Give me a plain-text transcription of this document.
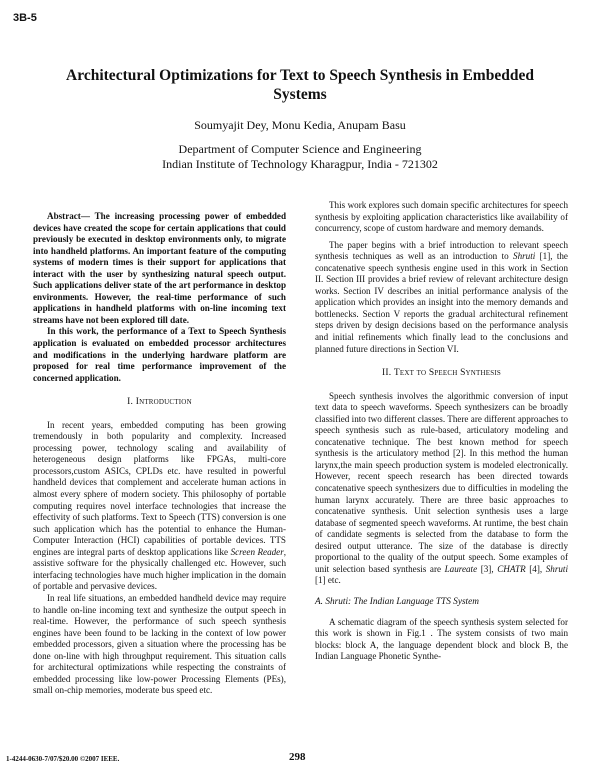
3B-5
Architectural Optimizations for Text to Speech Synthesis in Embedded Systems
Soumyajit Dey, Monu Kedia, Anupam Basu
Department of Computer Science and Engineering
Indian Institute of Technology Kharagpur, India - 721302

Abstract— The increasing processing power of embedded devices have created the scope for certain applications that could previously be executed in desktop environments only, to migrate into handheld platforms. An important feature of the computing systems of modern times is their support for applications that interact with the user by synthesizing natural speech output. Such applications deliver state of the art performance in desktop environments. However, the real-time performance of such applications in handheld platforms with on-line incoming text streams have not been explored till date.

In this work, the performance of a Text to Speech Synthesis application is evaluated on embedded processor architectures and modifications in the underlying hardware platform are proposed for real time performance improvement of the concerned application.

I. Introduction

In recent years, embedded computing has been growing tremendously in both popularity and complexity. Increased processing power, technology scaling and availability of heterogeneous design platforms like FPGAs, multi-core processors,custom ASICs, CPLDs etc. have resulted in powerful handheld devices that complement and accelerate human actions in almost every sphere of modern society. This philosophy of portable computing requires novel interface technologies that increase the effectivity of such platforms. Text to Speech (TTS) conversion is one such application which has the potential to enhance the Human-Computer Interaction (HCI) capabilities of portable devices. TTS engines are integral parts of desktop applications like Screen Reader, assistive software for the physically challenged etc. However, such interfacing technologies have much higher implication in the domain of portable and pervasive devices.

In real life situations, an embedded handheld device may require to handle on-line incoming text and synthesize the output speech in real-time. However, the performance of such speech synthesis engines have been found to be lacking in the context of low power embedded processors, given a situation where the processing has be done on-line with high throughput requirement. This situation calls for architectural optimizations while respecting the constraints of embedded processing like low-power Processing Elements (PEs), small on-chip memories, moderate bus speed etc.

This work explores such domain specific architectures for speech synthesis by exploiting application characteristics like availability of concurrency, scope of custom hardware and memory demands.

The paper begins with a brief introduction to relevant speech synthesis techniques as well as an introduction to Shruti [1], the concatenative speech synthesis engine used in this work in Section II. Section III provides a brief review of relevant architecture design works. Section IV describes an initial performance analysis of the application which provides an insight into the memory demands and bottlenecks. Section V reports the gradual architectural refinement steps driven by design decisions based on the performance analysis and initial refinements which finally lead to the conclusions and planned future directions in Section VI.

II. Text to Speech Synthesis

Speech synthesis involves the algorithmic conversion of input text data to speech waveforms. Speech synthesizers can be broadly classified into two different classes. There are different approaches to speech synthesis such as rule-based, articulatory modeling and concatenative technique. The best known method for speech synthesis is the articulatory method [2]. In this method the human larynx,the main speech production system is modeled electronically. However, recent speech research has been directed towards concatenative speech synthesizers due to difficulties in modeling the human larynx accurately. There are three basic approaches to concatenative synthesis. Unit selection synthesis uses a large database of segmented speech waveforms. At runtime, the best chain of candidate segments is selected from the database to form the desired output utterance. The size of the database is directly proportional to the quality of the output speech. Some examples of unit selection based synthesis are Laureate [3], CHATR [4], Shruti [1] etc.

A. Shruti: The Indian Language TTS System

A schematic diagram of the speech synthesis system selected for this work is shown in Fig.1 . The system consists of two main blocks: block A, the language dependent block and block B, the Indian Language Phonetic Synthe-

1-4244-0630-7/07/$20.00 ©2007 IEEE.	298
